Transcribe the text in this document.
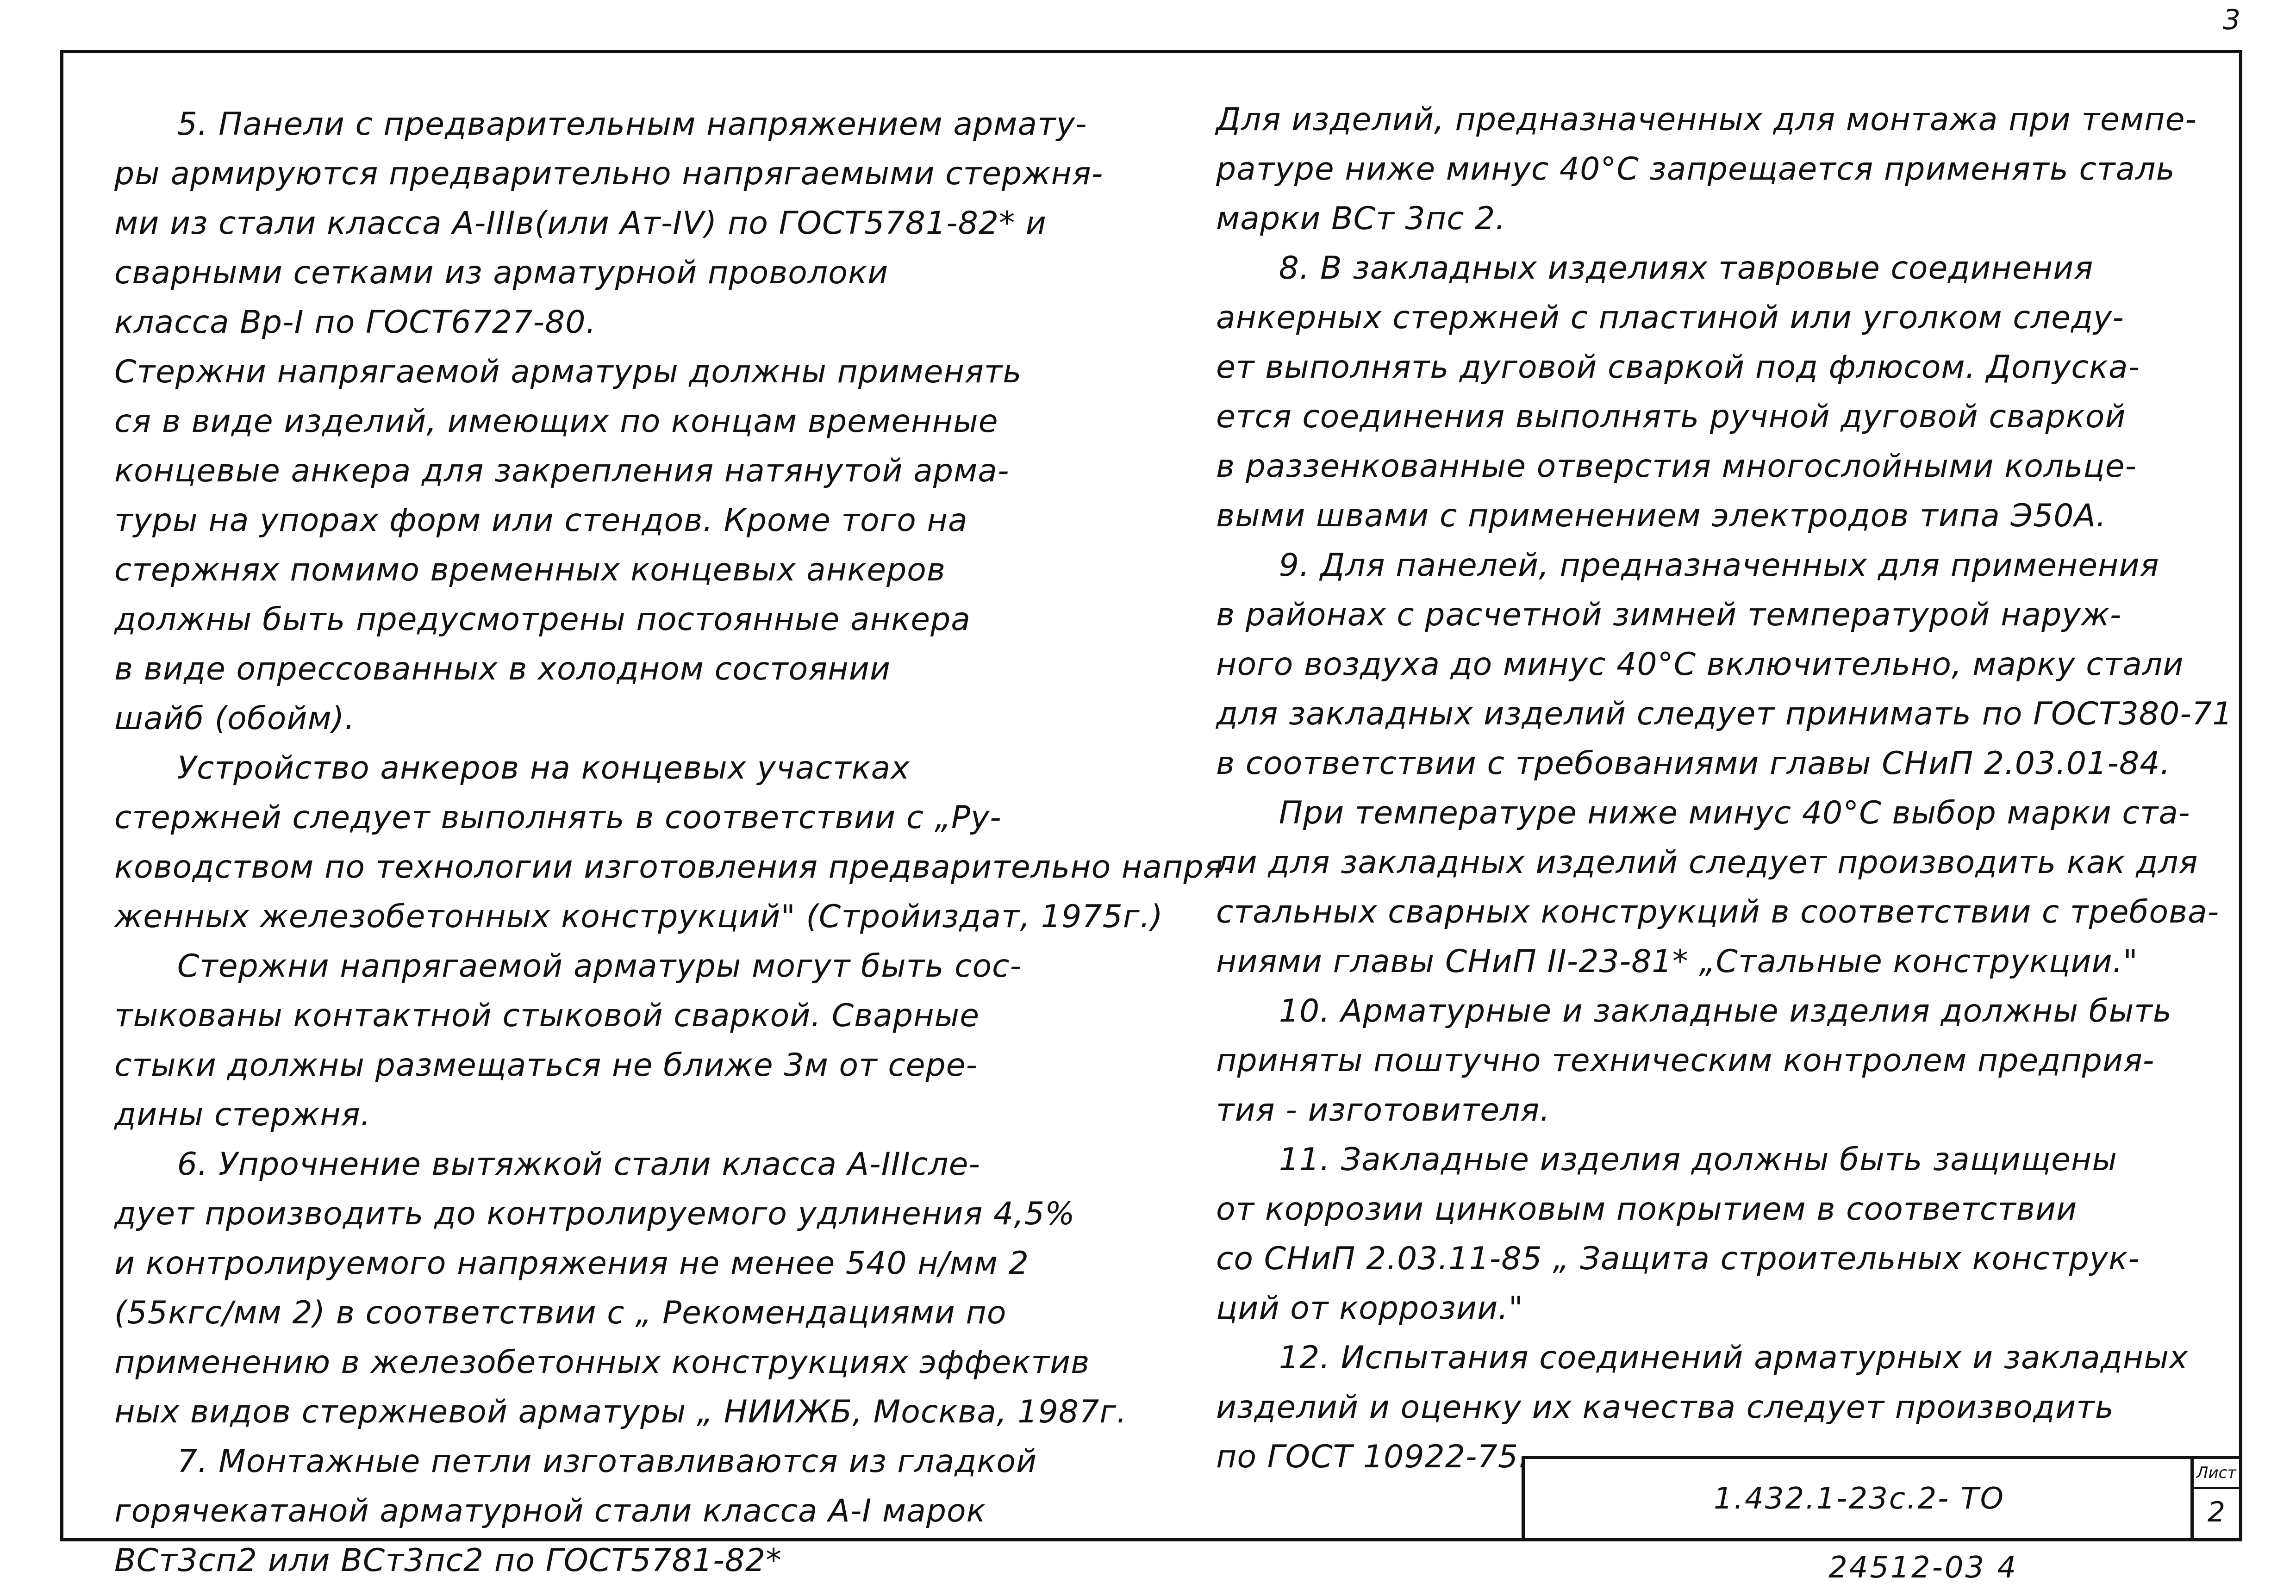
3
5. Панели с предварительным напряжением армату-
ры армируются предварительно напрягаемыми стержня-
ми из стали класса А-IIIв(или Ат-IV) по ГОСТ5781-82* и
сварными сетками из арматурной проволоки
класса Вр-I по ГОСТ6727-80.
Стержни напрягаемой арматуры должны применять
ся в виде изделий, имеющих по концам временные
концевые анкера для закрепления натянутой арма-
туры на упорах форм или стендов. Кроме того на
стержнях помимо временных концевых анкеров
должны быть предусмотрены постоянные анкера
в виде опрессованных в холодном состоянии
шайб (обойм).
Устройство анкеров на концевых участках
стержней следует выполнять в соответствии с „Ру-
ководством по технологии изготовления предварительно напря-
женных железобетонных конструкций" (Стройиздат, 1975г.)
Стержни напрягаемой арматуры могут быть сос-
тыкованы контактной стыковой сваркой. Сварные
стыки должны размещаться не ближе 3м от сере-
дины стержня.
6. Упрочнение вытяжкой стали класса А-IIIсле-
дует производить до контролируемого удлинения 4,5%
и контролируемого напряжения не менее 540 н/мм 2
(55кгс/мм 2) в соответствии с „ Рекомендациями по
применению в железобетонных конструкциях эффектив
ных видов стержневой арматуры „ НИИЖБ, Москва, 1987г.
7. Монтажные петли изготавливаются из гладкой
горячекатаной арматурной стали класса А-I марок
ВСт3сп2 или ВСт3пс2 по ГОСТ5781-82*
Для изделий, предназначенных для монтажа при темпе-
ратуре ниже минус 40°С запрещается применять сталь
марки ВСт 3пс 2.
8. В закладных изделиях тавровые соединения
анкерных стержней с пластиной или уголком следу-
ет выполнять дуговой сваркой под флюсом. Допуска-
ется соединения выполнять ручной дуговой сваркой
в раззенкованные отверстия многослойными кольце-
выми швами с применением электродов типа Э50А.
9. Для панелей, предназначенных для применения
в районах с расчетной зимней температурой наруж-
ного воздуха до минус 40°С включительно, марку стали
для закладных изделий следует принимать по ГОСТ380-71
в соответствии с требованиями главы СНиП 2.03.01-84.
При температуре ниже минус 40°С выбор марки ста-
ли для закладных изделий следует производить как для
стальных сварных конструкций в соответствии с требова-
ниями главы СНиП II-23-81* „Стальные конструкции."
10. Арматурные и закладные изделия должны быть
приняты поштучно техническим контролем предприя-
тия - изготовителя.
11. Закладные изделия должны быть защищены
от коррозии цинковым покрытием в соответствии
со СНиП 2.03.11-85 „ Защита строительных конструк-
ций от коррозии."
12. Испытания соединений арматурных и закладных
изделий и оценку их качества следует производить
по ГОСТ 10922-75.
1.432.1-23с.2- ТО
Лист
2
24512-03 4
